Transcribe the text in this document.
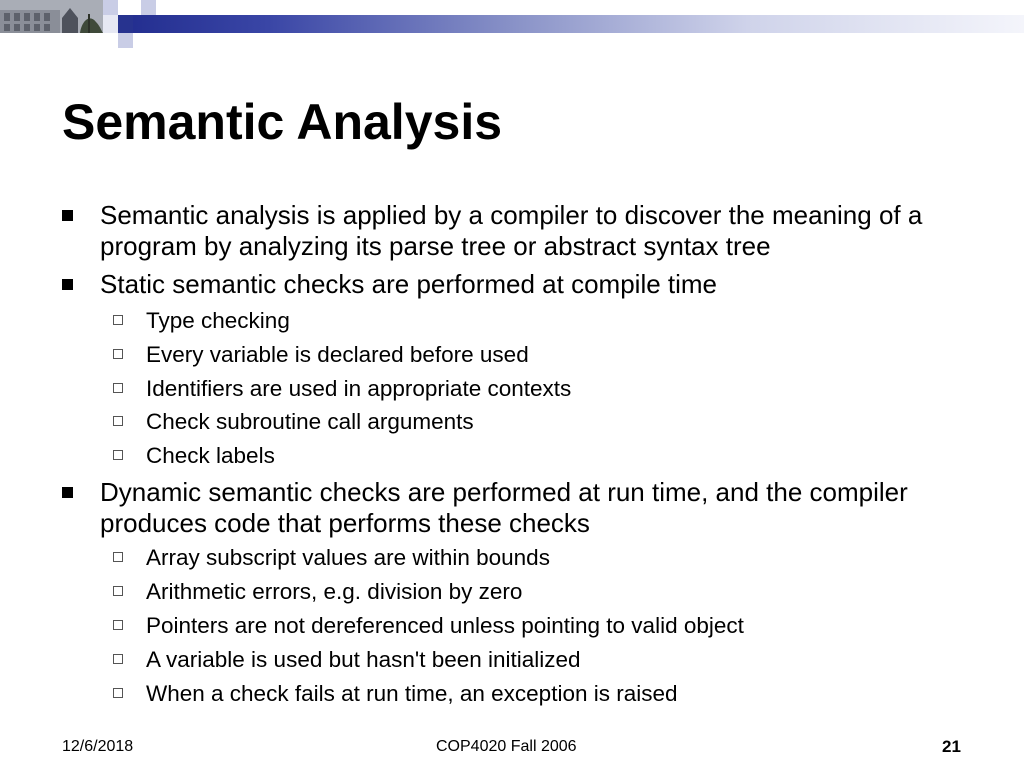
Semantic Analysis
Semantic analysis is applied by a compiler to discover the meaning of a program by analyzing its parse tree or abstract syntax tree
Static semantic checks are performed at compile time
Type checking
Every variable is declared before used
Identifiers are used in appropriate contexts
Check subroutine call arguments
Check labels
Dynamic semantic checks are performed at run time, and the compiler produces code that performs these checks
Array subscript values are within bounds
Arithmetic errors, e.g. division by zero
Pointers are not dereferenced unless pointing to valid object
A variable is used but hasn't been initialized
When a check fails at run time, an exception is raised
12/6/2018	COP4020 Fall 2006	21
